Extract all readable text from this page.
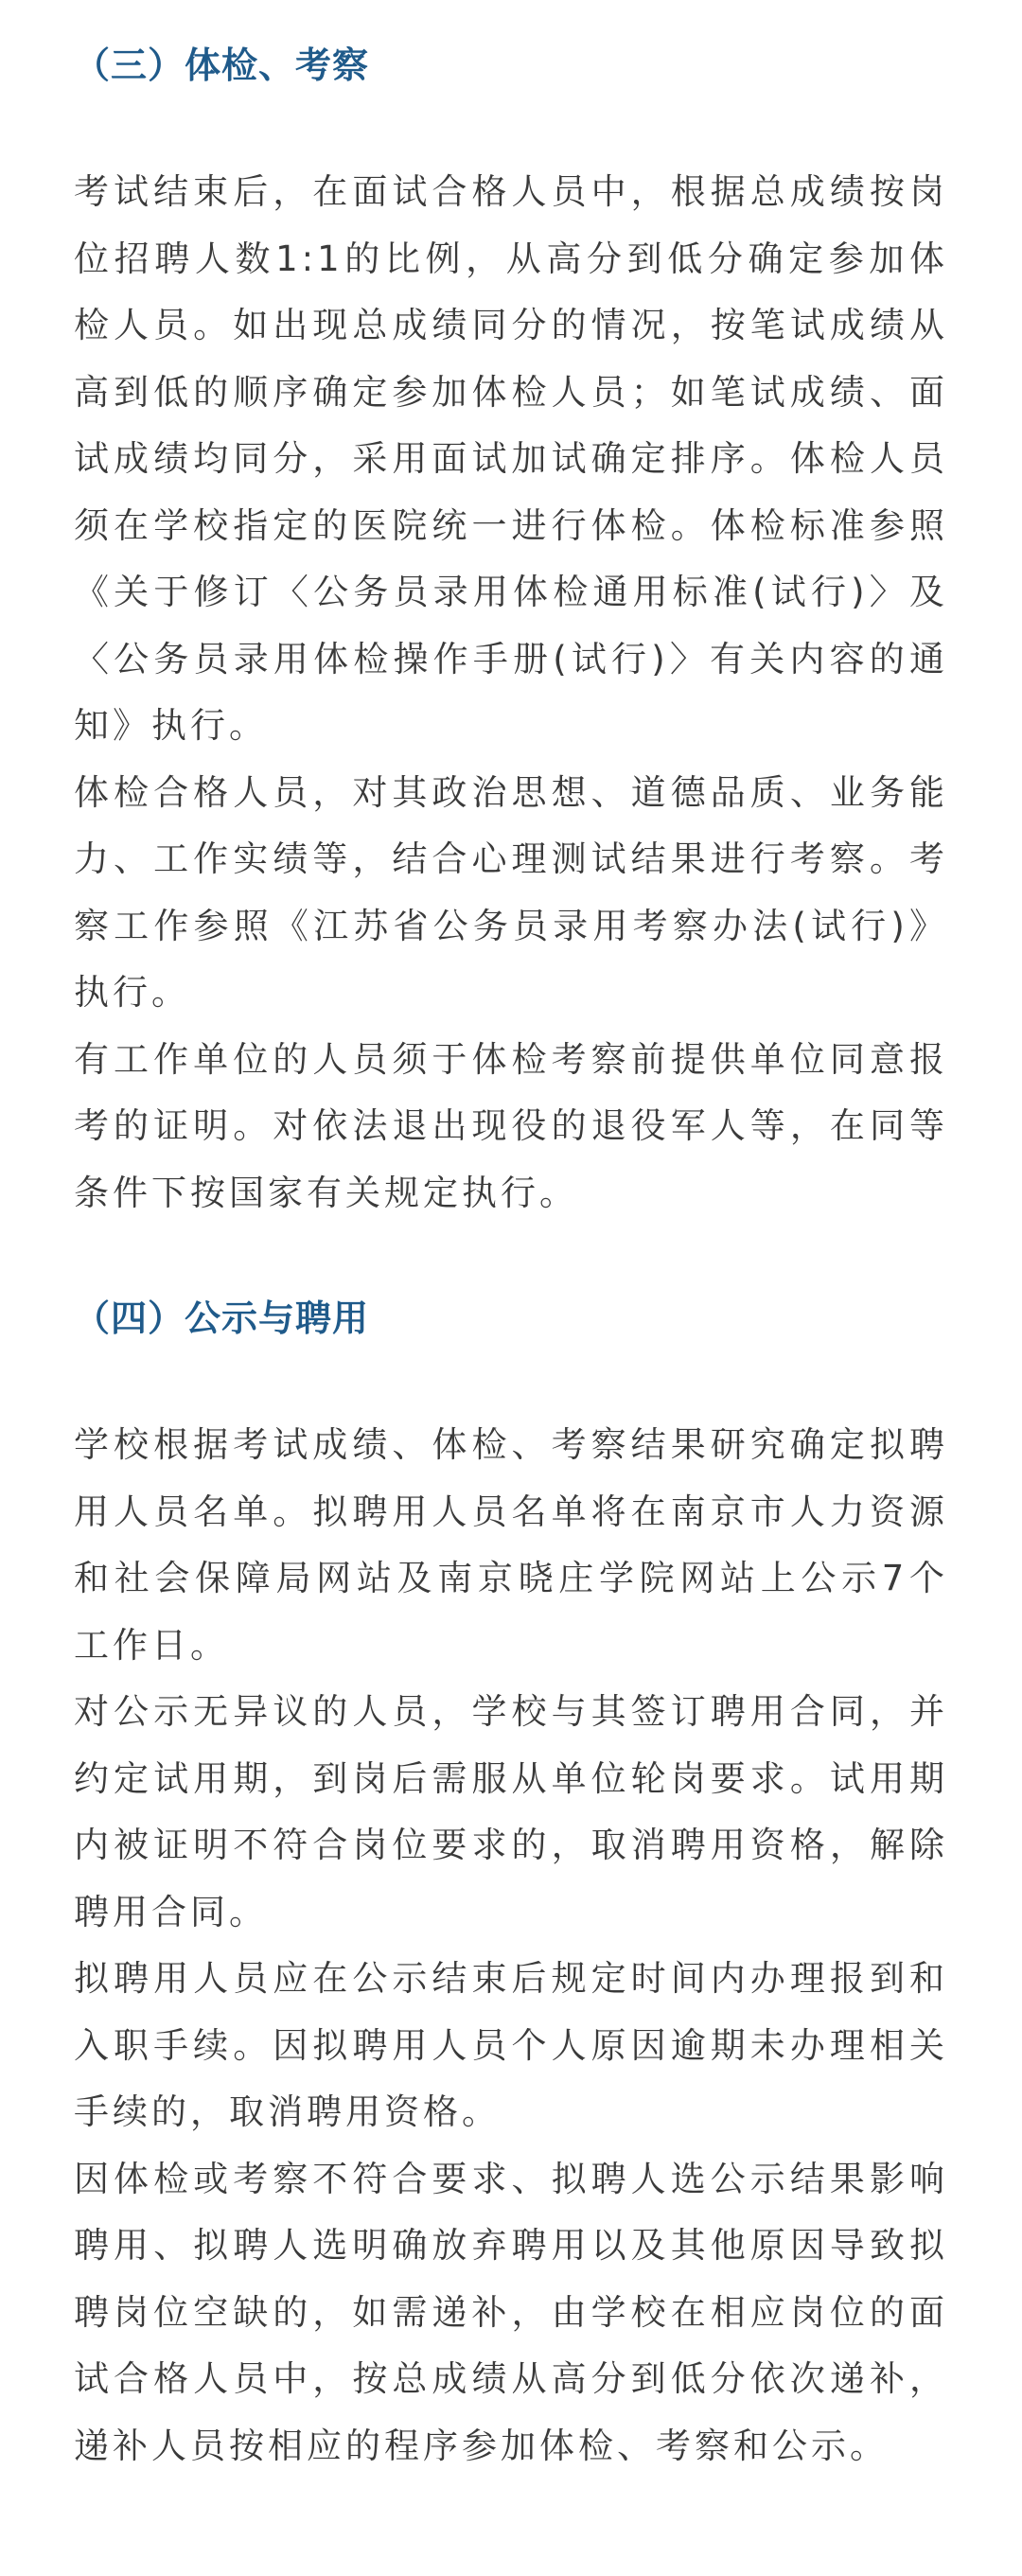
（三）体检、考察

考试结束后，在面试合格人员中，根据总成绩按岗位招聘人数1:1的比例，从高分到低分确定参加体检人员。如出现总成绩同分的情况，按笔试成绩从高到低的顺序确定参加体检人员；如笔试成绩、面试成绩均同分，采用面试加试确定排序。体检人员须在学校指定的医院统一进行体检。体检标准参照《关于修订〈公务员录用体检通用标准(试行)〉及〈公务员录用体检操作手册(试行)〉有关内容的通知》执行。

体检合格人员，对其政治思想、道德品质、业务能力、工作实绩等，结合心理测试结果进行考察。考察工作参照《江苏省公务员录用考察办法(试行)》执行。

有工作单位的人员须于体检考察前提供单位同意报考的证明。对依法退出现役的退役军人等，在同等条件下按国家有关规定执行。

（四）公示与聘用

学校根据考试成绩、体检、考察结果研究确定拟聘用人员名单。拟聘用人员名单将在南京市人力资源和社会保障局网站及南京晓庄学院网站上公示7个工作日。

对公示无异议的人员，学校与其签订聘用合同，并约定试用期，到岗后需服从单位轮岗要求。试用期内被证明不符合岗位要求的，取消聘用资格，解除聘用合同。

拟聘用人员应在公示结束后规定时间内办理报到和入职手续。因拟聘用人员个人原因逾期未办理相关手续的，取消聘用资格。

因体检或考察不符合要求、拟聘人选公示结果影响聘用、拟聘人选明确放弃聘用以及其他原因导致拟聘岗位空缺的，如需递补，由学校在相应岗位的面试合格人员中，按总成绩从高分到低分依次递补，递补人员按相应的程序参加体检、考察和公示。
